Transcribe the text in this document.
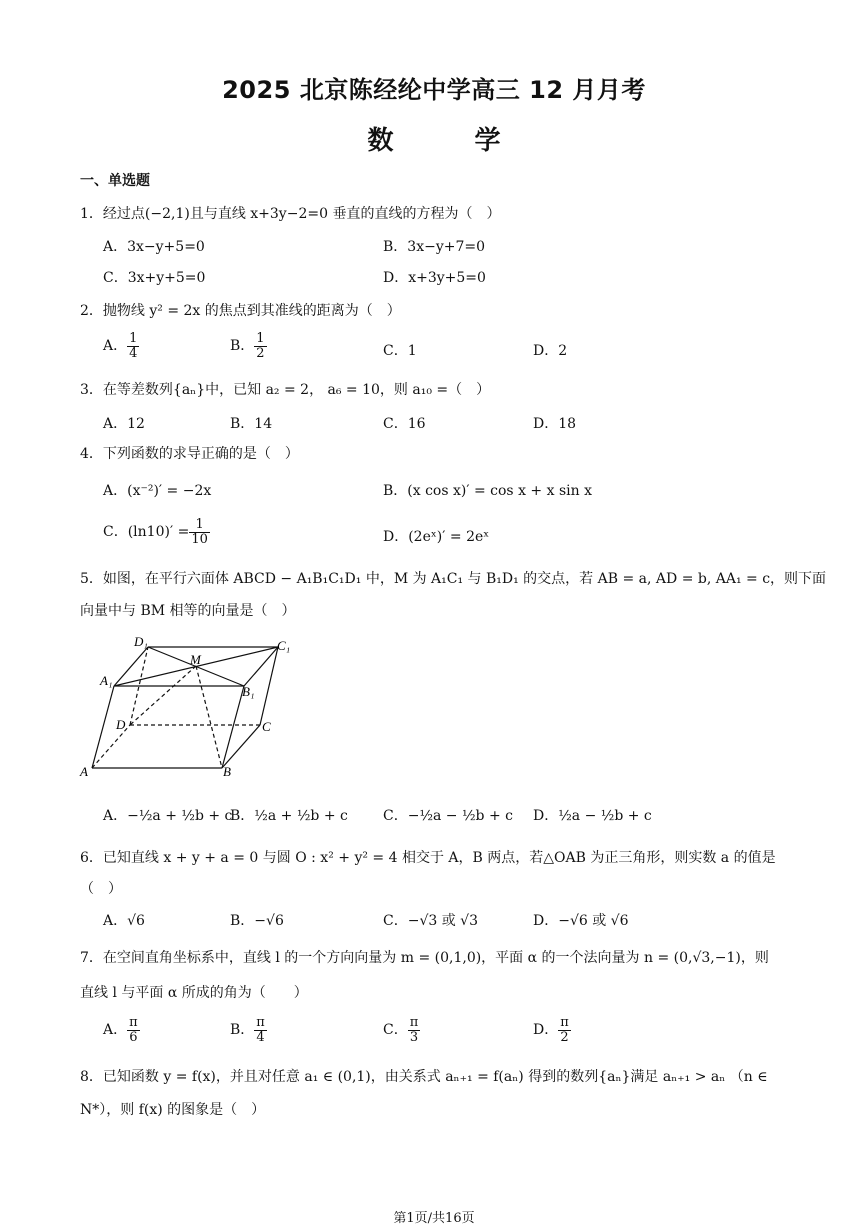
2025 北京陈经纶中学高三 12 月月考
数 学
一、单选题
1．经过点(−2,1)且与直线 x+3y−2=0 垂直的直线的方程为（　）
A．3x−y+5=0	B．3x−y+7=0
C．3x+y+5=0	D．x+3y+5=0
2．抛物线 y² = 2x 的焦点到其准线的距离为（　）
A． $\frac{1}{4}$	B． $\frac{1}{2}$	C．1	D．2
3．在等差数列{aₙ}中，已知 a₂ = 2， a₆ = 10，则 a₁₀ =（　）
A．12	B．14	C．16	D．18
4．下列函数的求导正确的是（　）
A．(x⁻²)′ = −2x	B．(x cos x)′ = cos x + x sin x
C．$(\ln 10)' = \frac{1}{10}$	D．(2eˣ)′ = 2eˣ
5．如图，在平行六面体 ABCD − A₁B₁C₁D₁ 中，M 为 A₁C₁ 与 B₁D₁ 的交点，若 AB = a, AD = b, AA₁ = c，则下面
向量中与 BM 相等的向量是（　）
A	B
C
D
A₁
B₁
C₁
D₁
M
A．−½a + ½b + c
B．½a + ½b + c	C．−½a − ½b + c D．½a − ½b + c
6．已知直线 x + y + a = 0 与圆 O : x² + y² = 4 相交于 A，B 两点，若△OAB 为正三角形，则实数 a 的值是
（　）
A．√6	B．−√6	C．−√3 或 √3	D．−√6 或 √6
7．在空间直角坐标系中，直线 l 的一个方向向量为 m = (0,1,0)，平面 α 的一个法向量为 n = (0,√3,−1)，则
直线 l 与平面 α 所成的角为（　　）
A． $\frac{\pi}{6}$	B． $\frac{\pi}{4}$	C． $\frac{\pi}{3}$	D． $\frac{\pi}{2}$
8．已知函数 y = f(x)，并且对任意 a₁ ∈ (0,1)，由关系式 aₙ₊₁ = f(aₙ) 得到的数列{aₙ}满足 aₙ₊₁ > aₙ （n ∈
N*），则 f(x) 的图象是（　）
第1页/共16页
